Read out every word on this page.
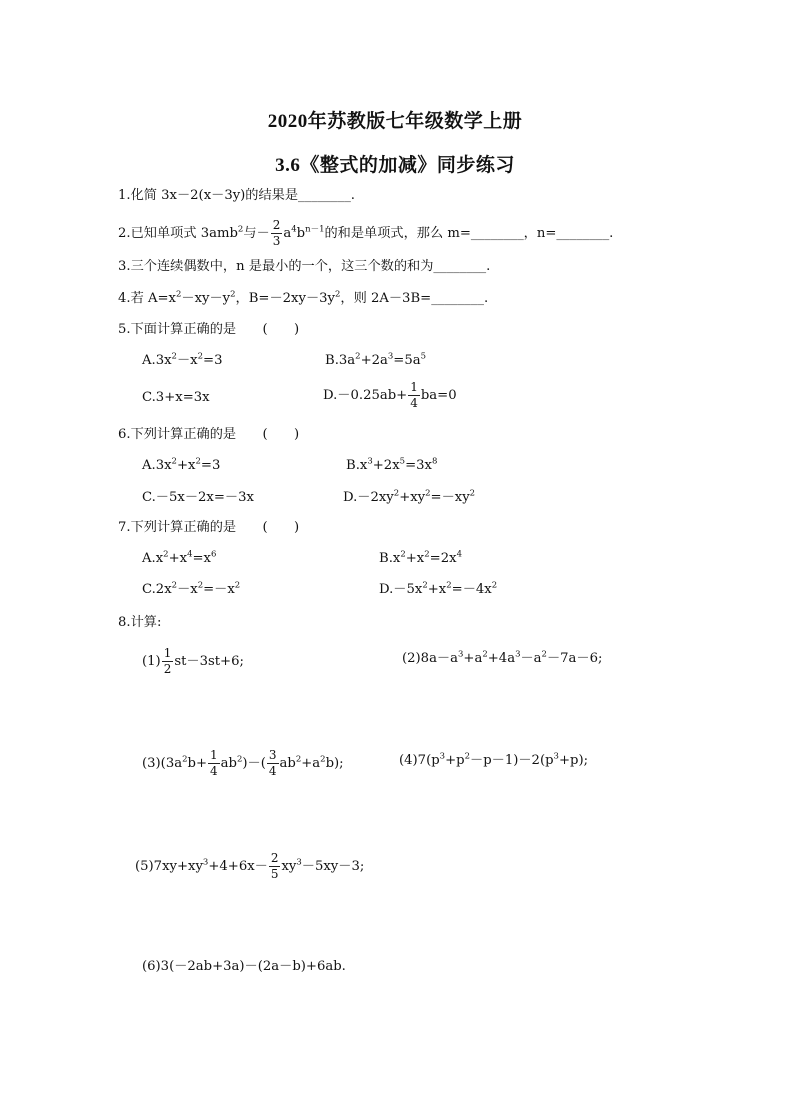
2020年苏教版七年级数学上册
3.6《整式的加减》同步练习
1.化简 3x－2(x－3y)的结果是________.
2.已知单项式 3amb$^2$与－ $\frac{2}{3} a^4b^{n-1}$的和是单项式，那么 m=________，n=________.
3.三个连续偶数中，n 是最小的一个，这三个数的和为________.
4.若 $A=x^2-xy-y^2$，$B=-2xy-3y^2$，则 2A－3B=________.
5.下面计算正确的是　　(　　)
$A.3x^2-x^2=3$	$B.3a^2+2a^3=5a^5$
C.3+x=3x	$D.-0.25ab+ \frac{1}{4} ba=0$
6.下列计算正确的是　　(　　)
$A.3x^2+x^2=3$	$B.x^3+2x^5=3x^8$
C.－5x－2x=－3x	$D.-2xy^2+xy^2=-xy^2$
7.下列计算正确的是　　(　　)
$A.x^2+x^4=x^6$	$B.x^2+x^2=2x^4$
$C.2x^2-x^2=-x^2$	$D.-5x^2+x^2=-4x^2$
8.计算:
$(1) \frac{1}{2} st-3st+6$;	$(2)8a-a^3+a^2+4a^3-a^2-7a-6$;
$(3)(3a^2b+ \frac{1}{4} ab^2)-( \frac{3}{4} ab^2+a^2b)$;	$(4)7(p^3+p^2-p-1)-2(p^3+p)$;
$(5)7xy+xy^3+4+6x- \frac{2}{5} xy^3-5xy-3$;
(6)3(－2ab+3a)－(2a－b)+6ab.
